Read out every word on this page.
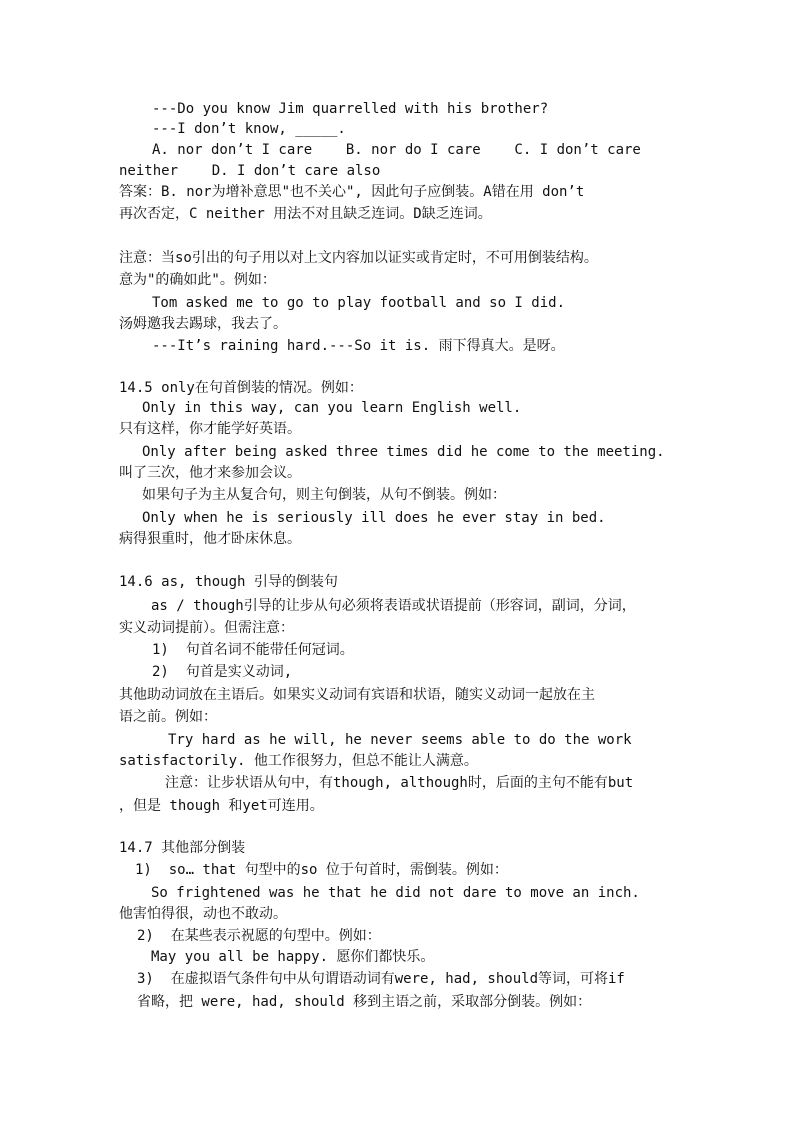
---Do you know Jim quarrelled with his brother?
---I don’t know, _____.
A. nor don’t I care    B. nor do I care    C. I don’t care
neither    D. I don’t care also
答案：B. nor为增补意思"也不关心", 因此句子应倒装。A错在用 don’t
再次否定，C neither 用法不对且缺乏连词。D缺乏连词。
注意：当so引出的句子用以对上文内容加以证实或肯定时，不可用倒装结构。
意为"的确如此"。例如：
Tom asked me to go to play football and so I did.
汤姆邀我去踢球，我去了。
---It’s raining hard.---So it is. 雨下得真大。是呀。
14.5 only在句首倒装的情况。例如：
Only in this way, can you learn English well.
只有这样，你才能学好英语。
Only after being asked three times did he come to the meeting.
叫了三次，他才来参加会议。
如果句子为主从复合句，则主句倒装，从句不倒装。例如：
Only when he is seriously ill does he ever stay in bed.
病得狠重时，他才卧床休息。
14.6 as, though 引导的倒装句
as / though引导的让步从句必须将表语或状语提前（形容词，副词，分词，
实义动词提前）。但需注意：
1)  句首名词不能带任何冠词。
2)  句首是实义动词,
其他助动词放在主语后。如果实义动词有宾语和状语，随实义动词一起放在主
语之前。例如：
Try hard as he will, he never seems able to do the work
satisfactorily. 他工作很努力，但总不能让人满意。
注意：让步状语从句中，有though, although时，后面的主句不能有but
，但是 though 和yet可连用。
14.7 其他部分倒装
1)  so… that 句型中的so 位于句首时，需倒装。例如：
So frightened was he that he did not dare to move an inch.
他害怕得很，动也不敢动。
2)  在某些表示祝愿的句型中。例如：
May you all be happy. 愿你们都快乐。
3)  在虚拟语气条件句中从句谓语动词有were, had, should等词，可将if
省略，把 were, had, should 移到主语之前，采取部分倒装。例如：
